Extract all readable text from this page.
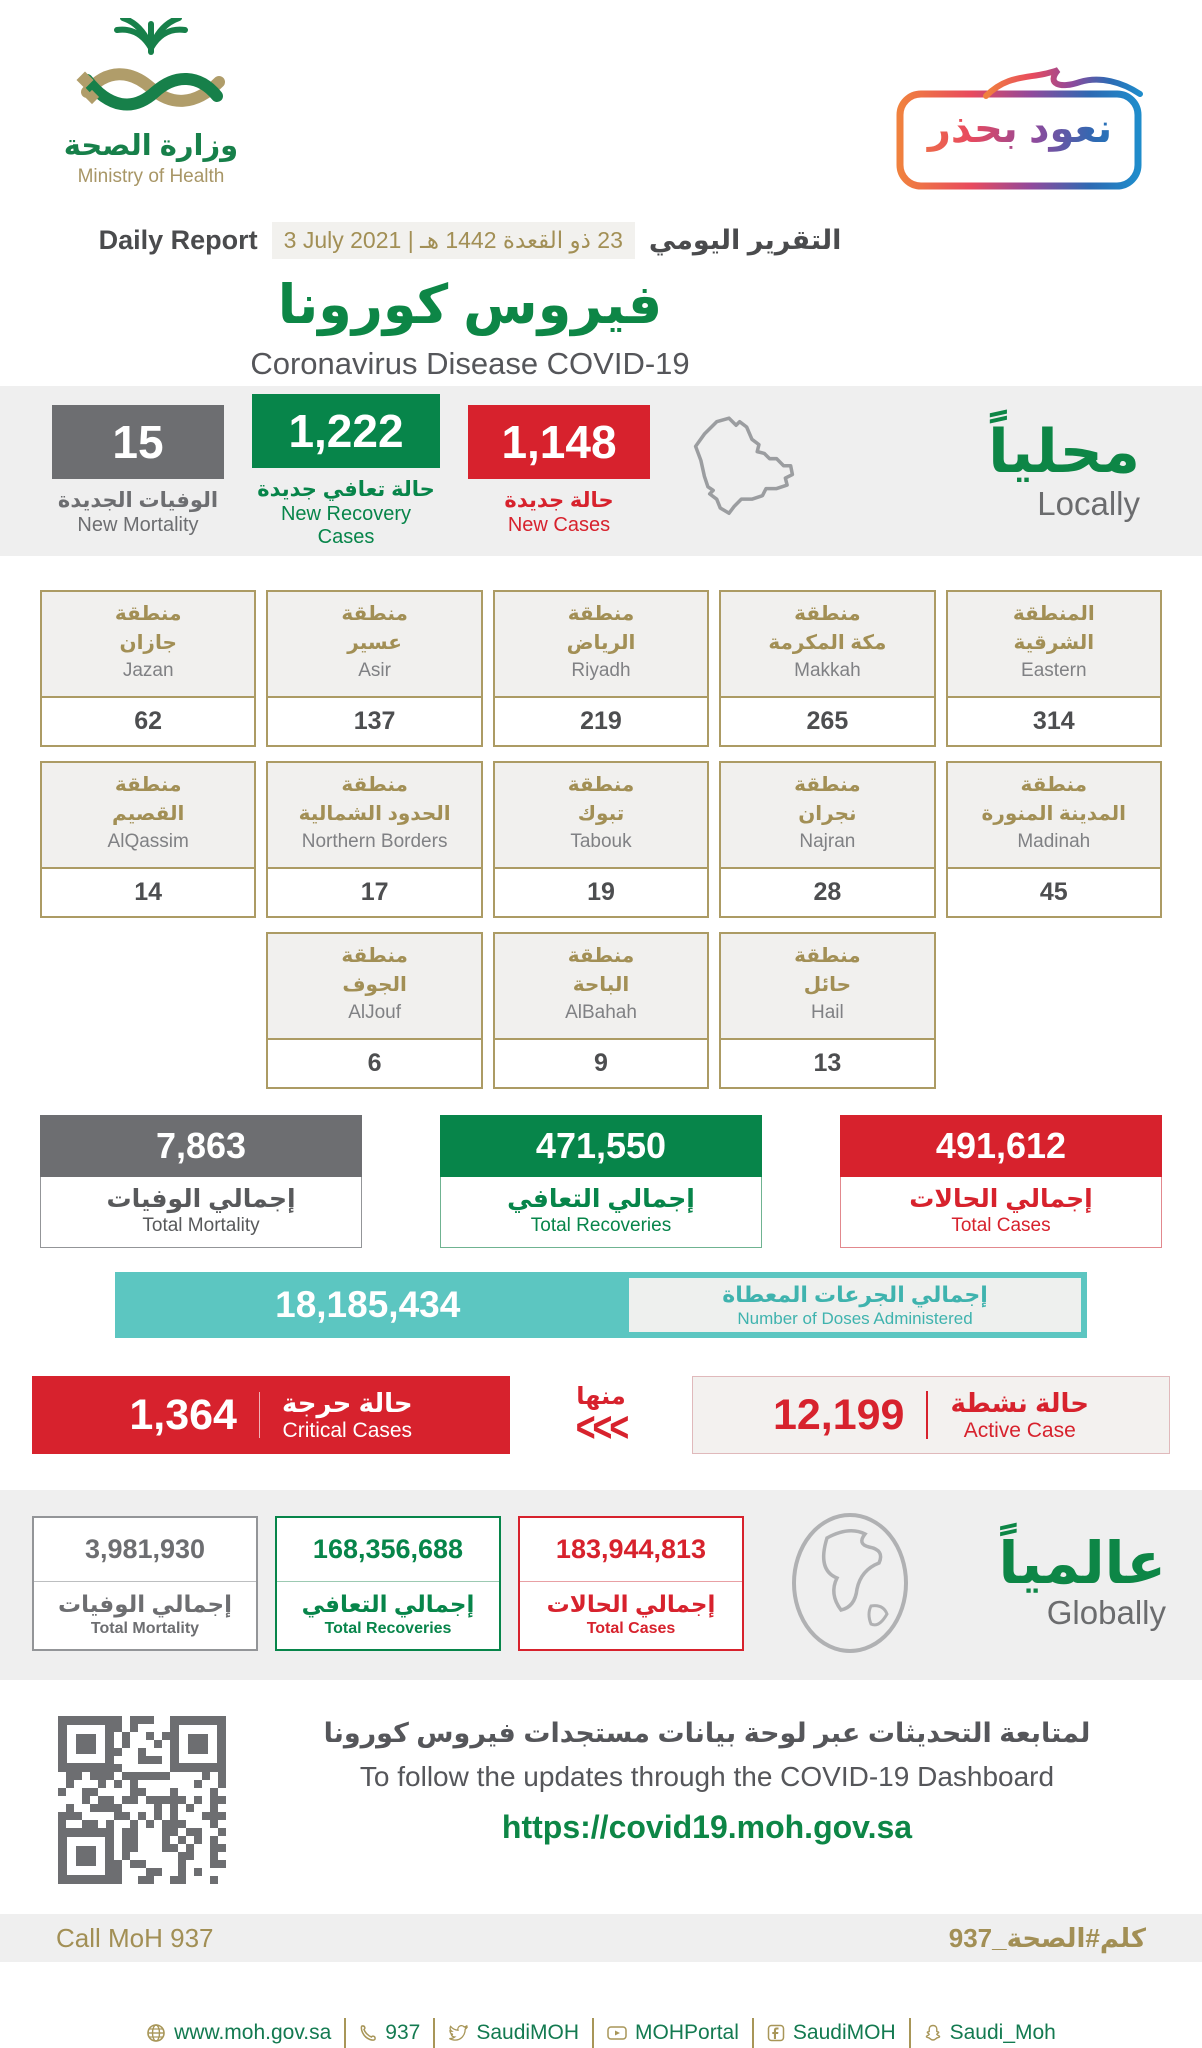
وزارة الصحة
Ministry of Health
نعود بحذر
Daily Report	23 ذو القعدة 1442 هـ | 3 July 2021	التقرير اليومي
فيروس كورونا
Coronavirus Disease COVID-19
15
الوفيات الجديدة
New Mortality
1,222
حالة تعافي جديدة
New Recovery Cases
1,148
حالة جديدة
New Cases
محلياً
Locally
منطقة
جازان
Jazan
62
منطقة
عسير
Asir
137
منطقة
الرياض
Riyadh
219
منطقة
مكة المكرمة
Makkah
265
المنطقة
الشرقية
Eastern
314
منطقة
القصيم
AlQassim
14
منطقة
الحدود الشمالية
Northern Borders
17
منطقة
تبوك
Tabouk
19
منطقة
نجران
Najran
28
منطقة
المدينة المنورة
Madinah
45
منطقة
الجوف
AlJouf
6
منطقة
الباحة
AlBahah
9
منطقة
حائل
Hail
13
7,863
إجمالي الوفيات
Total Mortality
471,550
إجمالي التعافي
Total Recoveries
491,612
إجمالي الحالات
Total Cases
18,185,434	إجمالي الجرعات المعطاة
Number of Doses Administered
1,364 حالة حرجة
Critical Cases
منها
<<<	12,199 حالة نشطة
Active Case
3,981,930
إجمالي الوفيات
Total Mortality
168,356,688
إجمالي التعافي
Total Recoveries
183,944,813
إجمالي الحالات
Total Cases
عالمياً
Globally
لمتابعة التحديثات عبر لوحة بيانات مستجدات فيروس كورونا
To follow the updates through the COVID-19 Dashboard
https://covid19.moh.gov.sa
Call MoH 937	كلم#الصحة_937
www.moh.gov.sa	937	SaudiMOH	MOHPortal	SaudiMOH	Saudi_Moh
